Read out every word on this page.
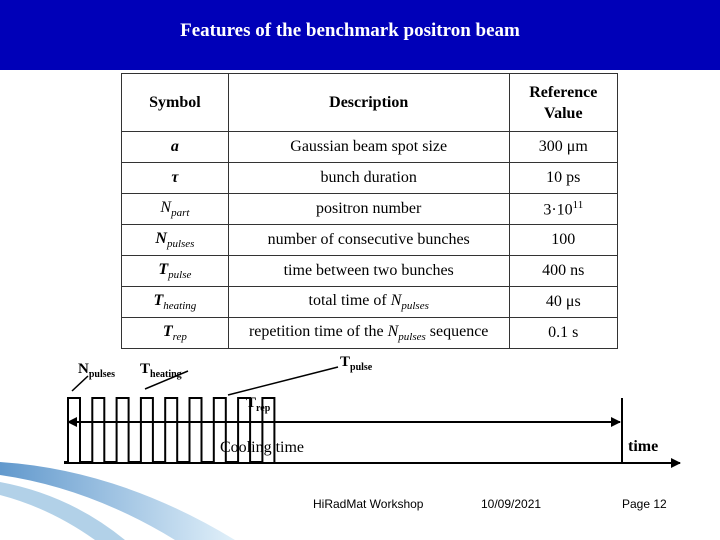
Features of the benchmark positron beam
Symbol	Description	Reference Value
a	Gaussian beam spot size	300 μm
τ	bunch duration	10 ps
$N_{part}$	positron number	$3\cdot 10^{11}$
$N_{pulses}$	number of consecutive bunches	100
$T_{pulse}$	time between two bunches	400 ns
$T_{heating}$	total time of $N_{pulses}$	40 μs
$T_{rep}$	repetition time of the $N_{pulses}$ sequence	0.1 s
$N_{pulses}$ $T_{heating}$
$T_{pulse}$
$T_{rep}$
Cooling time	time
HiRadMat Workshop	10/09/2021	Page 12
